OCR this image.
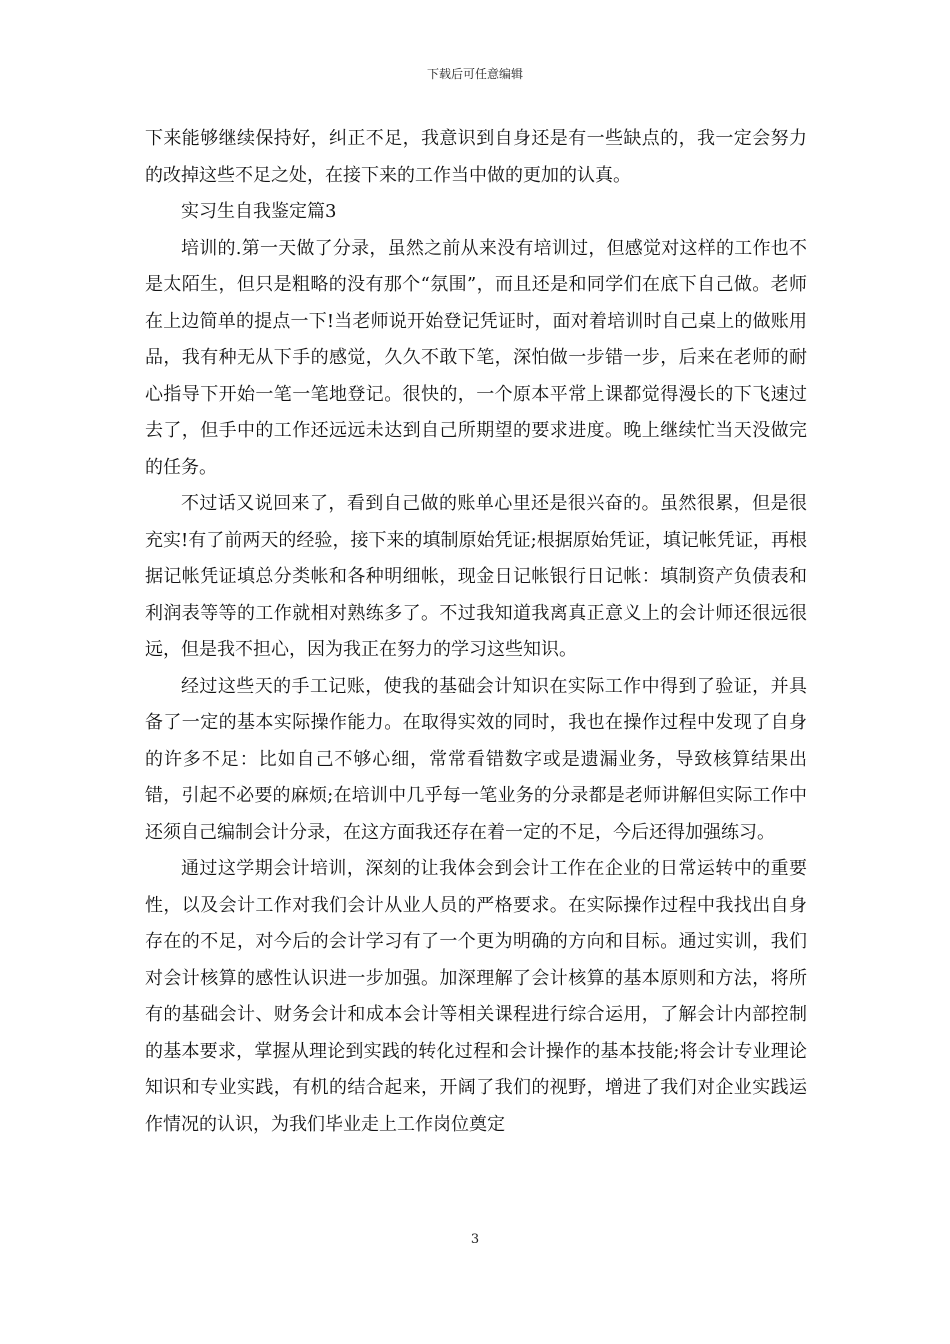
下载后可任意编辑

下来能够继续保持好，纠正不足，我意识到自身还是有一些缺点的，我一定会努力的改掉这些不足之处，在接下来的工作当中做的更加的认真。

实习生自我鉴定篇3

培训的.第一天做了分录，虽然之前从来没有培训过，但感觉对这样的工作也不是太陌生，但只是粗略的没有那个“氛围”，而且还是和同学们在底下自己做。老师在上边简单的提点一下!当老师说开始登记凭证时，面对着培训时自己桌上的做账用品，我有种无从下手的感觉，久久不敢下笔，深怕做一步错一步，后来在老师的耐心指导下开始一笔一笔地登记。很快的，一个原本平常上课都觉得漫长的下飞速过去了，但手中的工作还远远未达到自己所期望的要求进度。晚上继续忙当天没做完的任务。

不过话又说回来了，看到自己做的账单心里还是很兴奋的。虽然很累，但是很充实!有了前两天的经验，接下来的填制原始凭证;根据原始凭证，填记帐凭证，再根据记帐凭证填总分类帐和各种明细帐，现金日记帐银行日记帐：填制资产负债表和利润表等等的工作就相对熟练多了。不过我知道我离真正意义上的会计师还很远很远，但是我不担心，因为我正在努力的学习这些知识。

经过这些天的手工记账，使我的基础会计知识在实际工作中得到了验证，并具备了一定的基本实际操作能力。在取得实效的同时，我也在操作过程中发现了自身的许多不足：比如自己不够心细，常常看错数字或是遗漏业务，导致核算结果出错，引起不必要的麻烦;在培训中几乎每一笔业务的分录都是老师讲解但实际工作中还须自己编制会计分录，在这方面我还存在着一定的不足，今后还得加强练习。

通过这学期会计培训，深刻的让我体会到会计工作在企业的日常运转中的重要性，以及会计工作对我们会计从业人员的严格要求。在实际操作过程中我找出自身存在的不足，对今后的会计学习有了一个更为明确的方向和目标。通过实训，我们对会计核算的感性认识进一步加强。加深理解了会计核算的基本原则和方法，将所有的基础会计、财务会计和成本会计等相关课程进行综合运用，了解会计内部控制的基本要求，掌握从理论到实践的转化过程和会计操作的基本技能;将会计专业理论知识和专业实践，有机的结合起来，开阔了我们的视野，增进了我们对企业实践运作情况的认识，为我们毕业走上工作岗位奠定

3
